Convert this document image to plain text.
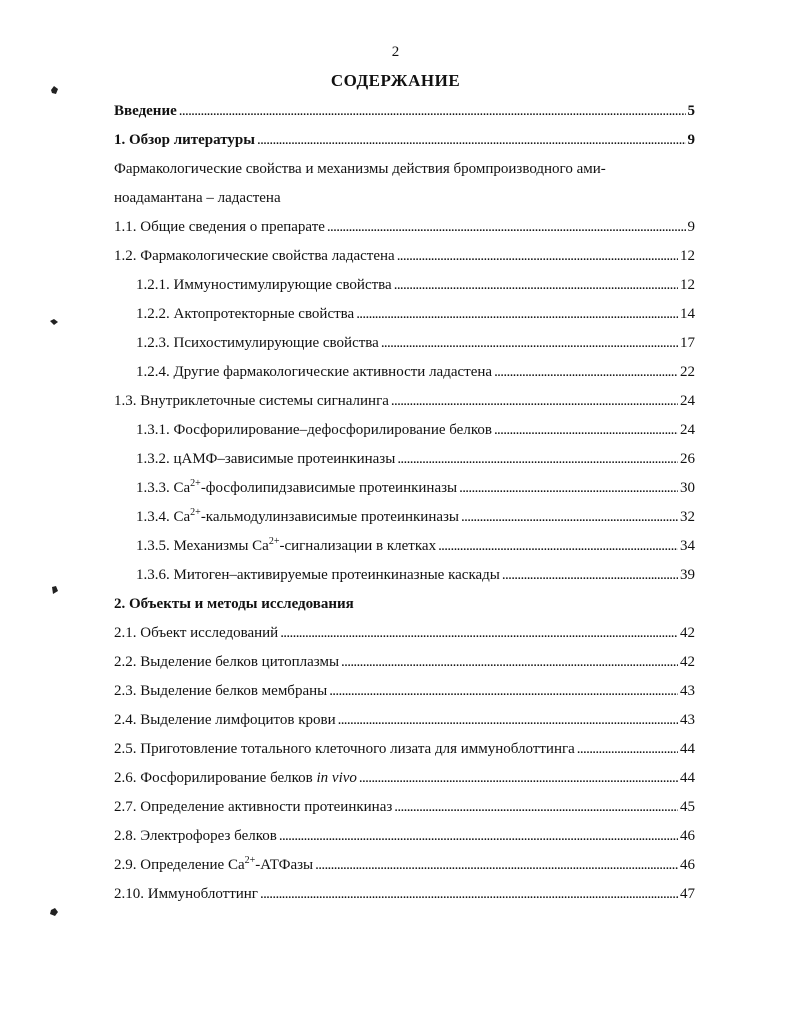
2
СОДЕРЖАНИЕ
Введение . . .	5
1. Обзор литературы . . .	9
Фармакологические свойства и механизмы действия бромпроизводного ами-
ноадамантана – ладастена
1.1. Общие сведения о препарате . . .	9
1.2. Фармакологические свойства ладастена . . .	12
1.2.1. Иммуностимулирующие свойства . . .	12
1.2.2. Актопротекторные свойства . . .	14
1.2.3. Психостимулирующие свойства . . .	17
1.2.4. Другие фармакологические активности ладастена . . .	22
1.3. Внутриклеточные системы сигналинга . . .	24
1.3.1. Фосфорилирование–дефосфорилирование белков . . .	24
1.3.2. цАМФ–зависимые протеинкиназы . . .	26
1.3.3. $Ca^{2+}$-фосфолипидзависимые протеинкиназы . . .	30
1.3.4. $Ca^{2+}$-кальмодулинзависимые протеинкиназы . . .	32
1.3.5. Механизмы $Ca^{2+}$-сигнализации в клетках . . .	34
1.3.6. Митоген–активируемые протеинкиназные каскады . . .	39
2. Объекты и методы исследования
2.1. Объект исследований . . .	42
2.2. Выделение белков цитоплазмы . . .	42
2.3. Выделение белков мембраны . . .	43
2.4. Выделение лимфоцитов крови . . .	43
2.5. Приготовление тотального клеточного лизата для иммуноблоттинга . . .	44
2.6. Фосфорилирование белков in vivo . . .	44
2.7. Определение активности протеинкиназ . . .	45
2.8. Электрофорез белков . . .	46
2.9. Определение $Ca^{2+}$-АТФазы . . .	46
2.10. Иммуноблоттинг . . .	47
